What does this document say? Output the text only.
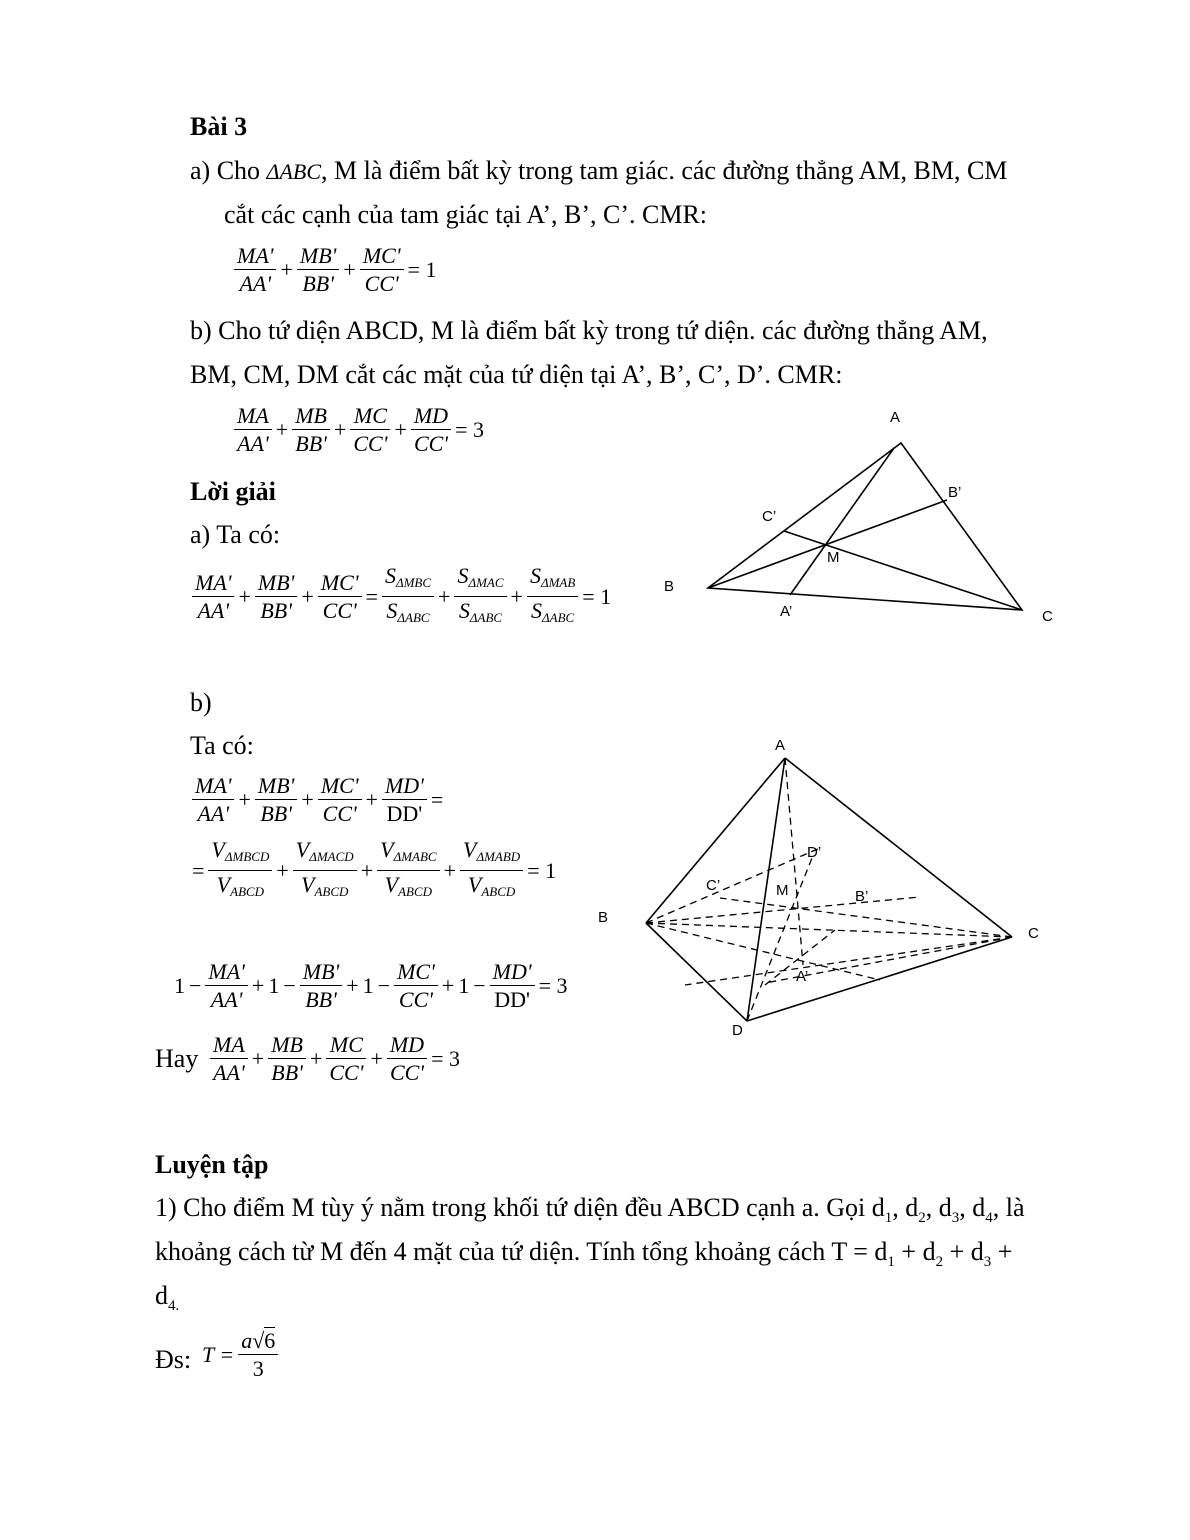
Bài 3
a) Cho ΔABC, M là điểm bất kỳ trong tam giác. các đường thẳng AM, BM, CM
cắt các cạnh của tam giác tại A’, B’, C’. CMR:
$\frac{MA'}{AA'} + \frac{MB'}{BB'} + \frac{MC'}{CC'} = 1$
b) Cho tứ diện ABCD, M là điểm bất kỳ trong tứ diện. các đường thẳng AM,
BM, CM, DM cắt các mặt của tứ diện tại A’, B’, C’, D’. CMR:
$\frac{MA}{AA'} + \frac{MB}{BB'} + \frac{MC}{CC'} + \frac{MD}{CC'} = 3$
Lời giải
a) Ta có:
$\frac{MA'}{AA'} + \frac{MB'}{BB'} + \frac{MC'}{CC'} = \frac{S_{\Delta MBC}}{S_{\Delta ABC}} + \frac{S_{\Delta MAC}}{S_{\Delta ABC}} + \frac{S_{\Delta MAB}}{S_{\Delta ABC}} = 1$
A
B
C
B’
C’
M
A’
b)
Ta có:
$\frac{MA'}{AA'} + \frac{MB'}{BB'} + \frac{MC'}{CC'} + \frac{MD'}{DD'}$ =
= $\frac{V_{\Delta MBCD}}{V_{ABCD}} + \frac{V_{\Delta MACD}}{V_{ABCD}} + \frac{V_{\Delta MABC}}{V_{ABCD}} + \frac{V_{\Delta MABD}}{V_{ABCD}} = 1$
$1 - \frac{MA'}{AA'} + 1 - \frac{MB'}{BB'} + 1 - \frac{MC'}{CC'} + 1 - \frac{MD'}{DD'} = 3$
Hay $\frac{MA}{AA'} + \frac{MB}{BB'} + \frac{MC}{CC'} + \frac{MD}{CC'} = 3$
A
B
C
D
D’
C’	M	B’
A’
Luyện tập
1) Cho điểm M tùy ý nằm trong khối tứ diện đều ABCD cạnh a. Gọi $d_1$, $d_2$, $d_3$, $d_4$, là
khoảng cách từ M đến 4 mặt của tứ diện. Tính tổng khoảng cách $T = d_1 + d_2 + d_3$ +
$d_{4.}$
Đs: $T = \frac{a√6}{3}$
